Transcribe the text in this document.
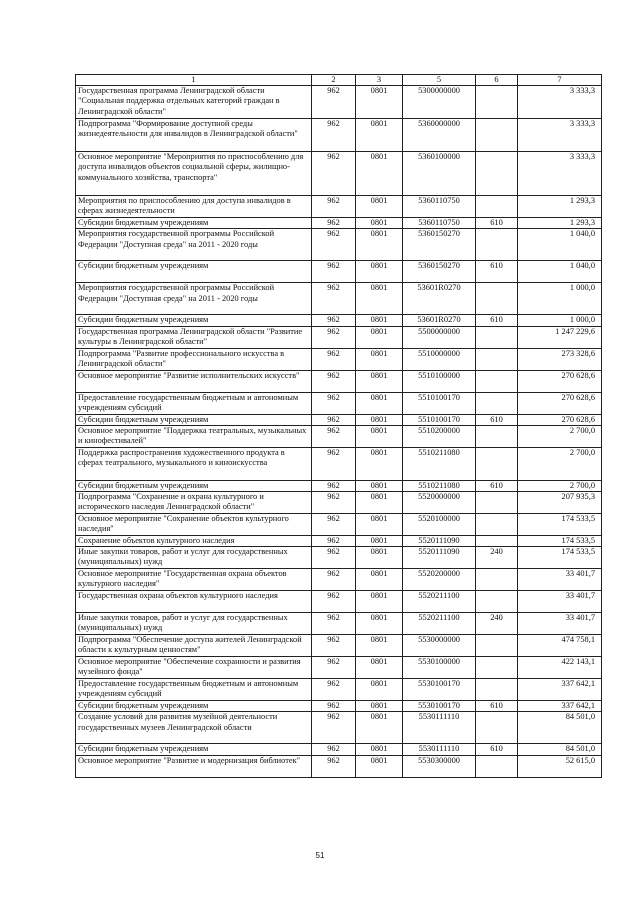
1	2	3	5	6	7
Государственная программа Ленинградской области "Социальная поддержка отдельных категорий граждан в Ленинградской области"	962	0801	5300000000		3 333,3
Подпрограмма "Формирование доступной среды жизнедеятельности для инвалидов в Ленинградской области"	962	0801	5360000000		3 333,3
Основное мероприятие "Мероприятия по приспособлению для доступа инвалидов объектов социальной сферы, жилищно-коммунального хозяйства, транспорта"	962	0801	5360100000		3 333,3
Мероприятия по приспособлению для доступа инвалидов в сферах жизнедеятельности	962	0801	5360110750		1 293,3
Субсидии бюджетным учреждениям	962	0801	5360110750	610	1 293,3
Мероприятия государственной программы Российской Федерации "Доступная среда" на 2011 - 2020 годы	962	0801	5360150270		1 040,0
Субсидии бюджетным учреждениям	962	0801	5360150270	610	1 040,0
Мероприятия государственной программы Российской Федерации "Доступная среда" на 2011 - 2020 годы	962	0801	53601R0270		1 000,0
Субсидии бюджетным учреждениям	962	0801	53601R0270	610	1 000,0
Государственная программа Ленинградской области "Развитие культуры в Ленинградской области"	962	0801	5500000000		1 247 229,6
Подпрограмма "Развитие профессионального искусства в Ленинградской области"	962	0801	5510000000		273 328,6
Основное мероприятие "Развитие исполнительских искусств"	962	0801	5510100000		270 628,6
Предоставление государственным бюджетным и автономным учреждениям субсидий	962	0801	5510100170		270 628,6
Субсидии бюджетным учреждениям	962	0801	5510100170	610	270 628,6
Основное мероприятие "Поддержка театральных, музыкальных и кинофестивалей"	962	0801	5510200000		2 700,0
Поддержка распространения художественного продукта в сферах театрального, музыкального и киноискусства	962	0801	5510211080		2 700,0
Субсидии бюджетным учреждениям	962	0801	5510211080	610	2 700,0
Подпрограмма "Сохранение и охрана культурного и исторического наследия Ленинградской области"	962	0801	5520000000		207 935,3
Основное мероприятие "Сохранение объектов культурного наследия"	962	0801	5520100000		174 533,5
Сохранение объектов культурного наследия	962	0801	5520111090		174 533,5
Иные закупки товаров, работ и услуг для государственных (муниципальных) нужд	962	0801	5520111090	240	174 533,5
Основное мероприятие "Государственная охрана объектов культурного наследия"	962	0801	5520200000		33 401,7
Государственная охрана объектов культурного наследия	962	0801	5520211100		33 401,7
Иные закупки товаров, работ и услуг для государственных (муниципальных) нужд	962	0801	5520211100	240	33 401,7
Подпрограмма "Обеспечение доступа жителей Ленинградской области к культурным ценностям"	962	0801	5530000000		474 758,1
Основное мероприятие "Обеспечение сохранности и развития музейного фонда"	962	0801	5530100000		422 143,1
Предоставление государственным бюджетным и автономным учреждениям субсидий	962	0801	5530100170		337 642,1
Субсидии бюджетным учреждениям	962	0801	5530100170	610	337 642,1
Создание условий для развития музейной деятельности государственных музеев Ленинградской области	962	0801	5530111110		84 501,0
Субсидии бюджетным учреждениям	962	0801	5530111110	610	84 501,0
Основное мероприятие "Развитие и модернизация библиотек"	962	0801	5530300000		52 615,0
51
